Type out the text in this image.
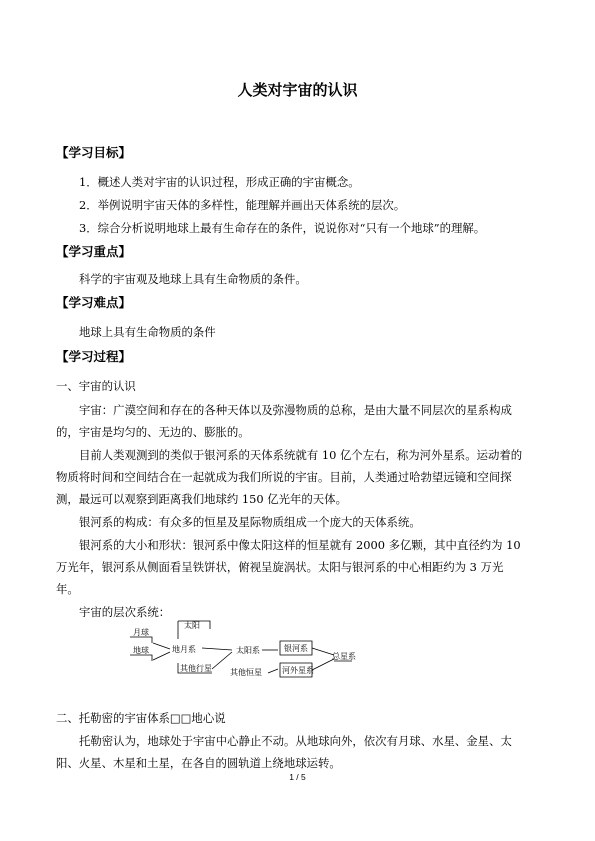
人类对宇宙的认识
【学习目标】
1．概述人类对宇宙的认识过程，形成正确的宇宙概念。
2．举例说明宇宙天体的多样性，能理解并画出天体系统的层次。
3．综合分析说明地球上最有生命存在的条件，说说你对“只有一个地球”的理解。
【学习重点】
科学的宇宙观及地球上具有生命物质的条件。
【学习难点】
地球上具有生命物质的条件
【学习过程】
一、宇宙的认识
宇宙：广漠空间和存在的各种天体以及弥漫物质的总称，是由大量不同层次的星系构成
的，宇宙是均匀的、无边的、膨胀的。
目前人类观测到的类似于银河系的天体系统就有 10 亿个左右，称为河外星系。运动着的
物质将时间和空间结合在一起就成为我们所说的宇宙。目前，人类通过哈勃望远镜和空间探
测，最远可以观察到距离我们地球约 150 亿光年的天体。
银河系的构成：有众多的恒星及星际物质组成一个庞大的天体系统。
银河系的大小和形状：银河系中像太阳这样的恒星就有 2000 多亿颗，其中直径约为 10
万光年，银河系从侧面看呈铁饼状，俯视呈旋涡状。太阳与银河系的中心相距约为 3 万光
年。
宇宙的层次系统：
月球
地球
太阳
地月系
其他行星
太阳系
其他恒星
银河系
河外星系
总星系
二、托勒密的宇宙体系□□地心说
托勒密认为，地球处于宇宙中心静止不动。从地球向外，依次有月球、水星、金星、太
阳、火星、木星和土星，在各自的圆轨道上绕地球运转。
1 / 5
